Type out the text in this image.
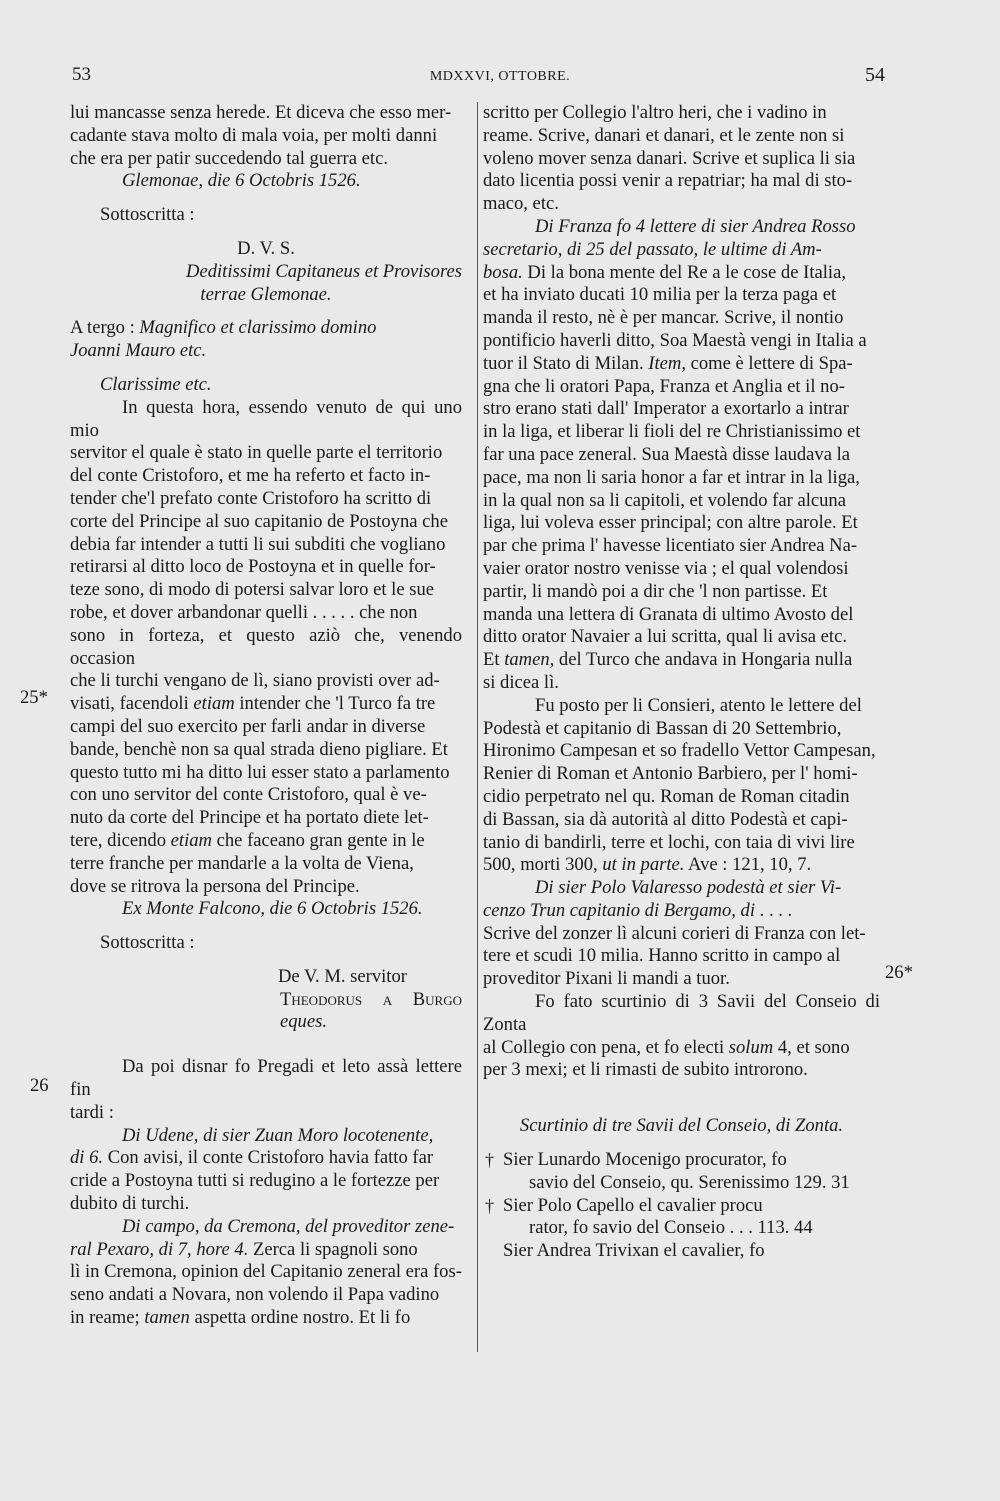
53	MDXXVI, OTTOBRE.	54
25*
26
26*

lui mancasse senza herede. Et diceva che esso mer-

cadante stava molto di mala voia, per molti danni

che era per patir succedendo tal guerra etc.

Glemonae, die 6 Octobris 1526.

Sottoscritta :

D. V. S.

Deditissimi Capitaneus et Provisores

terrae Glemonae.

A tergo : Magnifico et clarissimo domino

Joanni Mauro etc.

Clarissime etc.

In questa hora, essendo venuto de qui uno mio

servitor el quale è stato in quelle parte el territorio

del conte Cristoforo, et me ha referto et facto in-

tender che'l prefato conte Cristoforo ha scritto di

corte del Principe al suo capitanio de Postoyna che

debia far intender a tutti li sui subditi che vogliano

retirarsi al ditto loco de Postoyna et in quelle for-

teze sono, di modo di potersi salvar loro et le sue

robe, et dover arbandonar quelli . . . . . che non

sono in forteza, et questo aziò che, venendo occasion

che li turchi vengano de lì, siano provisti over ad-

visati, facendoli etiam intender che 'l Turco fa tre

campi del suo exercito per farli andar in diverse

bande, benchè non sa qual strada dieno pigliare. Et

questo tutto mi ha ditto lui esser stato a parlamento

con uno servitor del conte Cristoforo, qual è ve-

nuto da corte del Principe et ha portato diete let-

tere, dicendo etiam che faceano gran gente in le

terre franche per mandarle a la volta de Viena,

dove se ritrova la persona del Principe.

Ex Monte Falcono, die 6 Octobris 1526.

Sottoscritta :

De V. M. servitor

Theodorus a Burgo eques.

Da poi disnar fo Pregadi et leto assà lettere fin

tardi :

Di Udene, di sier Zuan Moro locotenente,

di 6. Con avisi, il conte Cristoforo havia fatto far

cride a Postoyna tutti si redugino a le fortezze per

dubito di turchi.

Di campo, da Cremona, del proveditor zene-

ral Pexaro, di 7, hore 4. Zerca li spagnoli sono

lì in Cremona, opinion del Capitanio zeneral era fos-

seno andati a Novara, non volendo il Papa vadino

in reame; tamen aspetta ordine nostro. Et li fo

scritto per Collegio l'altro heri, che i vadino in

reame. Scrive, danari et danari, et le zente non si

voleno mover senza danari. Scrive et suplica li sia

dato licentia possi venir a repatriar; ha mal di sto-

maco, etc.

Di Franza fo 4 lettere di sier Andrea Rosso

secretario, di 25 del passato, le ultime di Am-

bosa. Di la bona mente del Re a le cose de Italia,

et ha inviato ducati 10 milia per la terza paga et

manda il resto, nè è per mancar. Scrive, il nontio

pontificio haverli ditto, Soa Maestà vengi in Italia a

tuor il Stato di Milan. Item, come è lettere di Spa-

gna che li oratori Papa, Franza et Anglia et il no-

stro erano stati dall' Imperator a exortarlo a intrar

in la liga, et liberar li fioli del re Christianissimo et

far una pace zeneral. Sua Maestà disse laudava la

pace, ma non li saria honor a far et intrar in la liga,

in la qual non sa li capitoli, et volendo far alcuna

liga, lui voleva esser principal; con altre parole. Et

par che prima l' havesse licentiato sier Andrea Na-

vaier orator nostro venisse via ; el qual volendosi

partir, li mandò poi a dir che 'l non partisse. Et

manda una lettera di Granata di ultimo Avosto del

ditto orator Navaier a lui scritta, qual li avisa etc.

Et tamen, del Turco che andava in Hongaria nulla

si dicea lì.

Fu posto per li Consieri, atento le lettere del

Podestà et capitanio di Bassan di 20 Settembrio,

Hironimo Campesan et so fradello Vettor Campesan,

Renier di Roman et Antonio Barbiero, per l' homi-

cidio perpetrato nel qu. Roman de Roman citadin

di Bassan, sia dà autorità al ditto Podestà et capi-

tanio di bandirli, terre et lochi, con taia di vivi lire

500, morti 300, ut in parte. Ave : 121, 10, 7.

Di sier Polo Valaresso podestà et sier Vi-

cenzo Trun capitanio di Bergamo, di . . . .

Scrive del zonzer lì alcuni corieri di Franza con let-

tere et scudi 10 milia. Hanno scritto in campo al

proveditor Pixani li mandi a tuor.

Fo fato scurtinio di 3 Savii del Conseio di Zonta

al Collegio con pena, et fo electi solum 4, et sono

per 3 mexi; et li rimasti de subito introrono.

Scurtinio di tre Savii del Conseio, di Zonta.

† Sier Lunardo Mocenigo procurator, fo

savio del Conseio, qu. Serenissimo 129. 31

† Sier Polo Capello el cavalier procu

rator, fo savio del Conseio . . . 113. 44

Sier Andrea Trivixan el cavalier, fo
